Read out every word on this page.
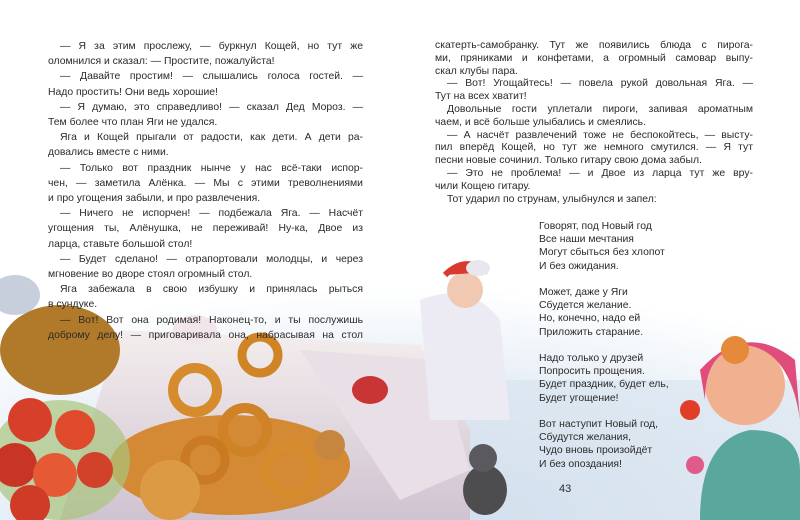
— Я за этим прослежу, — буркнул Кощей, но тут же
оломнился и сказал: — Простите, пожалуйста!
— Давайте простим! — слышались голоса гостей. —
Надо простить! Они ведь хорошие!
— Я думаю, это справедливо! — сказал Дед Мороз. —
Тем более что план Яги не удался.
Яга и Кощей прыгали от радости, как дети. А дети ра-
довались вместе с ними.
— Только вот праздник нынче у нас всё-таки испор-
чен, — заметила Алёнка. — Мы с этими треволнениями
и про угощения забыли, и про развлечения.
— Ничего не испорчен! — подбежала Яга. — Насчёт
угощения ты, Алёнушка, не переживай! Ну-ка, Двое из
ларца, ставьте большой стол!
— Будет сделано! — отрапортовали молодцы, и через
мгновение во дворе стоял огромный стол.
Яга забежала в свою избушку и принялась рыться
в сундуке.
— Вот! Вот она родимая! Наконец-то, и ты послужишь
доброму делу! — приговаривала она, набрасывая на стол
скатерть-самобранку. Тут же появились блюда с пирога-
ми, пряниками и конфетами, а огромный самовар выпу-
скал клубы пара.
— Вот! Угощайтесь! — повела рукой довольная Яга. —
Тут на всех хватит!
Довольные гости уплетали пироги, запивая ароматным
чаем, и всё больше улыбались и смеялись.
— А насчёт развлечений тоже не беспокойтесь, — высту-
пил вперёд Кощей, но тут же немного смутился. — Я тут
песни новые сочинил. Только гитару свою дома забыл.
— Это не проблема! — и Двое из ларца тут же вру-
чили Кощею гитару.
Тот ударил по струнам, улыбнулся и запел:
Говорят, под Новый год
Все наши мечтания
Могут сбыться без хлопот
И без ожидания.
Может, даже у Яги
Сбудется желание.
Но, конечно, надо ей
Приложить старание.
Надо только у друзей
Попросить прощения.
Будет праздник, будет ель,
Будет угощение!
Вот наступит Новый год,
Сбудутся желания,
Чудо вновь произойдёт
И без опоздания!
43
